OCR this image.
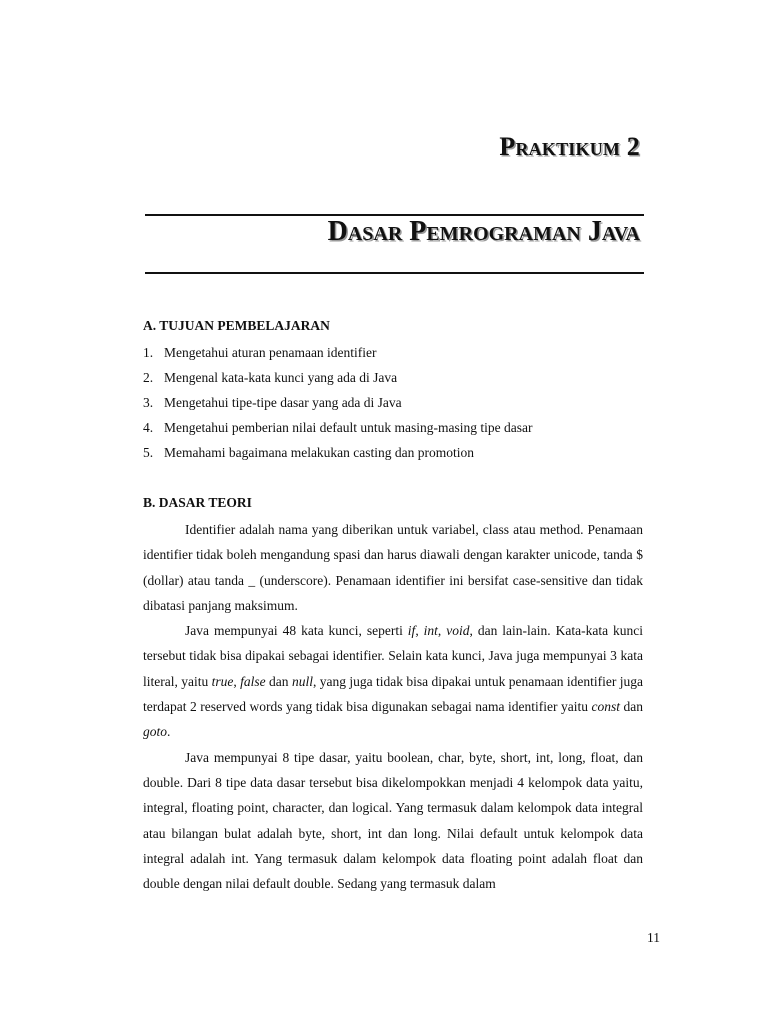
Praktikum 2
Dasar Pemrograman Java
A. TUJUAN PEMBELAJARAN
1. Mengetahui aturan penamaan identifier
2. Mengenal kata-kata kunci yang ada di Java
3. Mengetahui tipe-tipe dasar yang ada di Java
4. Mengetahui pemberian nilai default untuk masing-masing tipe dasar
5. Memahami bagaimana melakukan casting dan promotion
B. DASAR TEORI

Identifier adalah nama yang diberikan untuk variabel, class atau method. Penamaan identifier tidak boleh mengandung spasi dan harus diawali dengan karakter unicode, tanda $ (dollar) atau tanda _ (underscore). Penamaan identifier ini bersifat case-sensitive dan tidak dibatasi panjang maksimum.

Java mempunyai 48 kata kunci, seperti if, int, void, dan lain-lain. Kata-kata kunci tersebut tidak bisa dipakai sebagai identifier. Selain kata kunci, Java juga mempunyai 3 kata literal, yaitu true, false dan null, yang juga tidak bisa dipakai untuk penamaan identifier juga terdapat 2 reserved words yang tidak bisa digunakan sebagai nama identifier yaitu const dan goto.

Java mempunyai 8 tipe dasar, yaitu boolean, char, byte, short, int, long, float, dan double. Dari 8 tipe data dasar tersebut bisa dikelompokkan menjadi 4 kelompok data yaitu, integral, floating point, character, dan logical. Yang termasuk dalam kelompok data integral atau bilangan bulat adalah byte, short, int dan long. Nilai default untuk kelompok data integral adalah int. Yang termasuk dalam kelompok data floating point adalah float dan double dengan nilai default double. Sedang yang termasuk dalam

11
